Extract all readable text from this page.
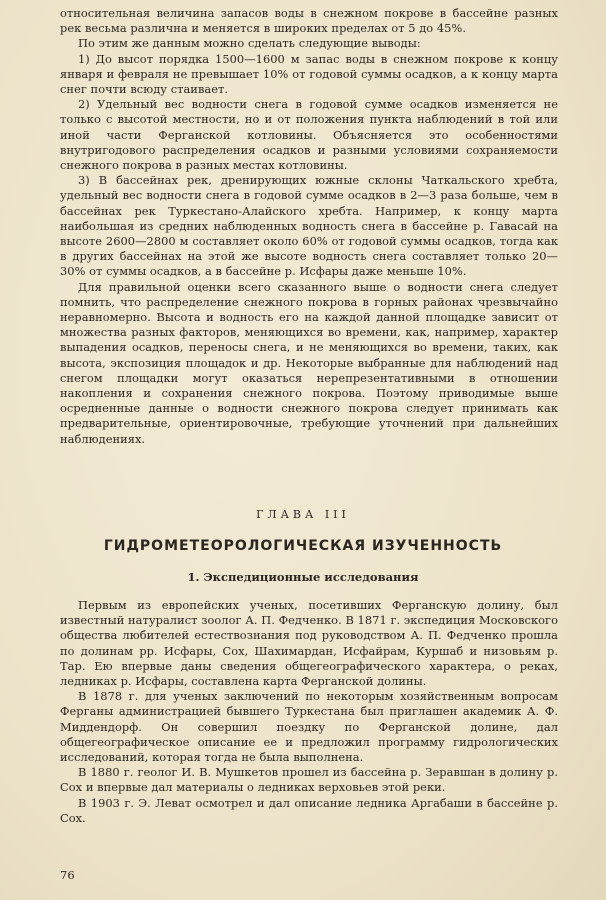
относительная величина запасов воды в снежном покрове в бассейне разных рек весьма различна и меняется в широких пределах от 5 до 45%.

По этим же данным можно сделать следующие выводы:

1) До высот порядка 1500—1600 м запас воды в снежном покрове к концу января и февраля не превышает 10% от годовой суммы осадков, а к концу марта снег почти всюду стаивает.

2) Удельный вес водности снега в годовой сумме осадков изменяется не только с высотой местности, но и от положения пункта наблюдений в той или иной части Ферганской котловины. Объясняется это особенностями внутригодового распределения осадков и разными условиями сохраняемости снежного покрова в разных местах котловины.

3) В бассейнах рек, дренирующих южные склоны Чаткальского хребта, удельный вес водности снега в годовой сумме осадков в 2—3 раза больше, чем в бассейнах рек Туркестано-Алайского хребта. Например, к концу марта наибольшая из средних наблюденных водность снега в бассейне р. Гавасай на высоте 2600—2800 м составляет около 60% от годовой суммы осадков, тогда как в других бассейнах на этой же высоте водность снега составляет только 20—30% от суммы осадков, а в бассейне р. Исфары даже меньше 10%.

Для правильной оценки всего сказанного выше о водности снега следует помнить, что распределение снежного покрова в горных районах чрезвычайно неравномерно. Высота и водность его на каждой данной площадке зависит от множества разных факторов, меняющихся во времени, как, например, характер выпадения осадков, переносы снега, и не меняющихся во времени, таких, как высота, экспозиция площадок и др. Некоторые выбранные для наблюдений над снегом площадки могут оказаться нерепрезентативными в отношении накопления и сохранения снежного покрова. Поэтому приводимые выше осредненные данные о водности снежного покрова следует принимать как предварительные, ориентировочные, требующие уточнений при дальнейших наблюдениях.

ГЛАВА III
ГИДРОМЕТЕОРОЛОГИЧЕСКАЯ ИЗУЧЕННОСТЬ
1. Экспедиционные исследования

Первым из европейских ученых, посетивших Ферганскую долину, был известный натуралист зоолог А. П. Федченко. В 1871 г. экспедиция Московского общества любителей естествознания под руководством А. П. Федченко прошла по долинам рр. Исфары, Сох, Шахимардан, Исфайрам, Куршаб и низовьям р. Тар. Ею впервые даны сведения общегеографического характера, о реках, ледниках р. Исфары, составлена карта Ферганской долины.

В 1878 г. для ученых заключений по некоторым хозяйственным вопросам Ферганы администрацией бывшего Туркестана был приглашен академик А. Ф. Миддендорф. Он совершил поездку по Ферганской долине, дал общегеографическое описание ее и предложил программу гидрологических исследований, которая тогда не была выполнена.

В 1880 г. геолог И. В. Мушкетов прошел из бассейна р. Зеравшан в долину р. Сох и впервые дал материалы о ледниках верховьев этой реки.

В 1903 г. Э. Леват осмотрел и дал описание ледника Аргабаши в бассейне р. Сох.

76
